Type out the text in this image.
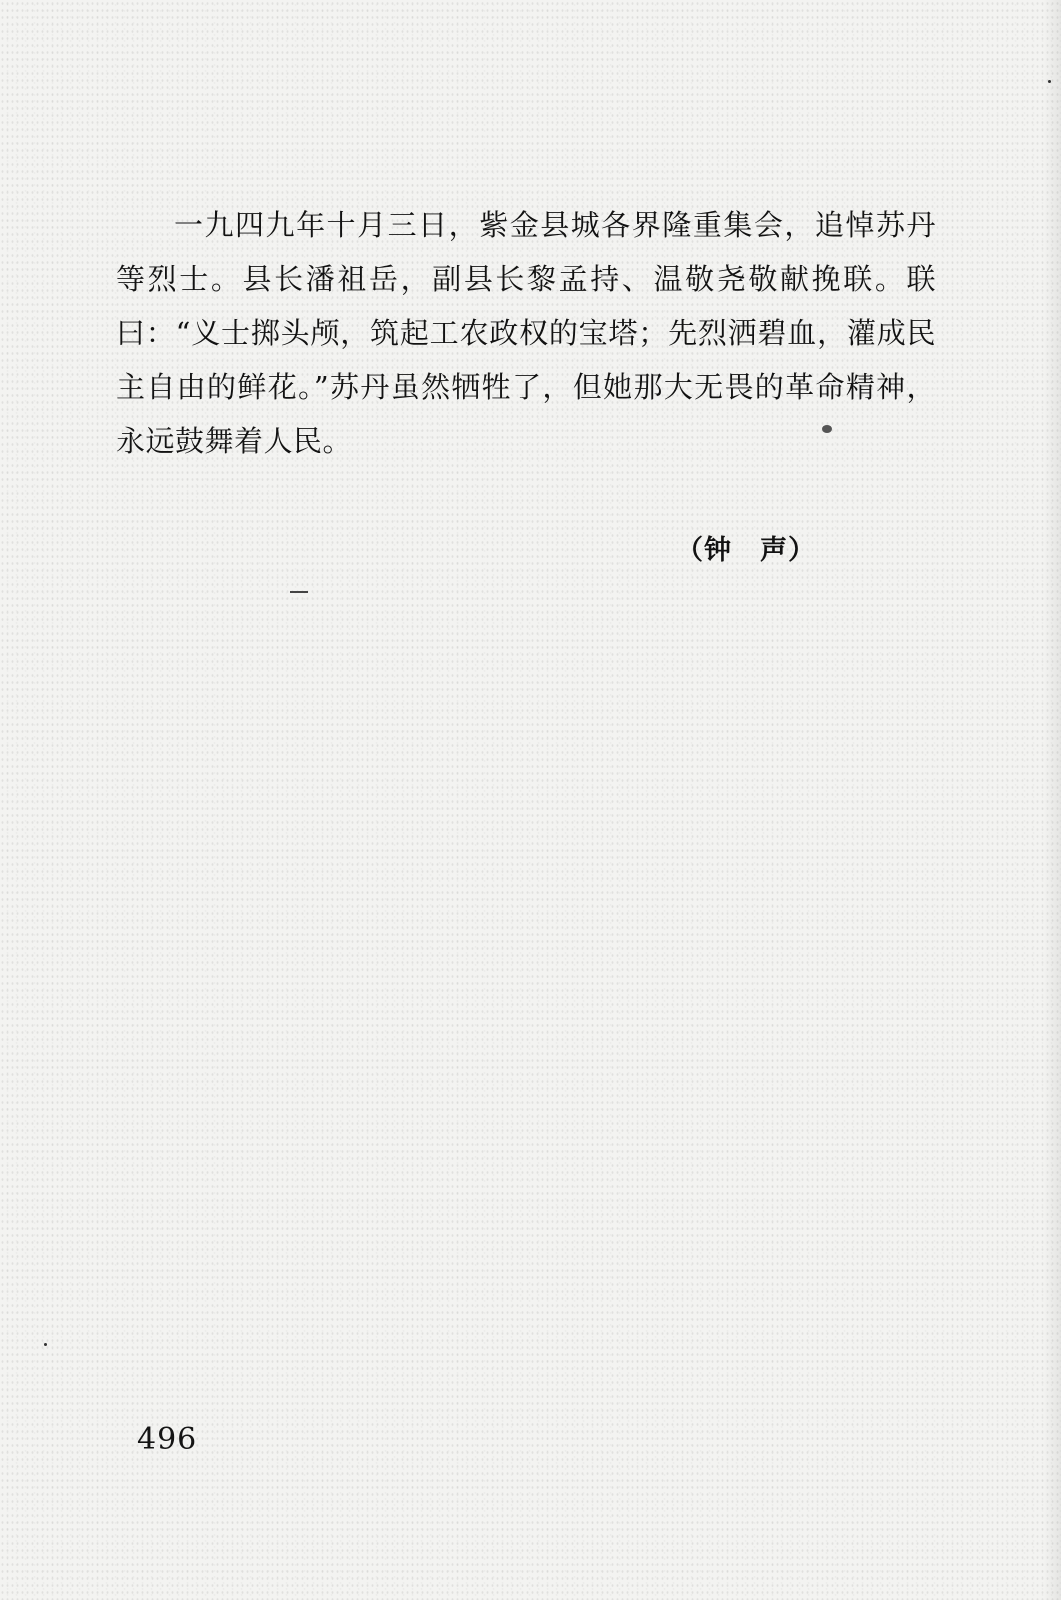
一九四九年十月三日，紫金县城各界隆重集会，追悼苏丹等烈士。县长潘祖岳，副县长黎孟持、温敬尧敬献挽联。联曰：“义士掷头颅，筑起工农政权的宝塔；先烈洒碧血，灌成民主自由的鲜花。”苏丹虽然牺牲了，但她那大无畏的革命精神，永远鼓舞着人民。

（钟　声）
496
